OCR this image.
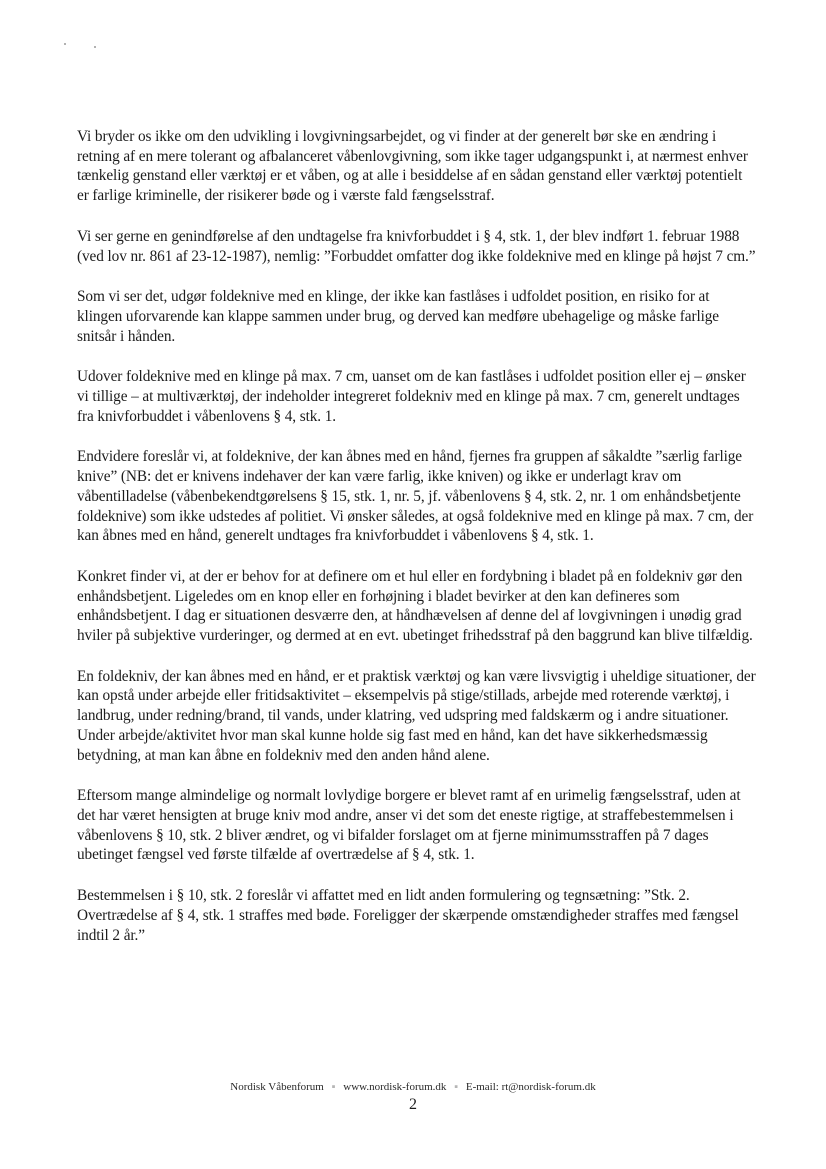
Vi bryder os ikke om den udvikling i lovgivningsarbejdet, og vi finder at der generelt bør ske en ændring i retning af en mere tolerant og afbalanceret våbenlovgivning, som ikke tager udgangspunkt i, at nærmest enhver tænkelig genstand eller værktøj er et våben, og at alle i besiddelse af en sådan genstand eller værktøj potentielt er farlige kriminelle, der risikerer bøde og i værste fald fængselsstraf.

Vi ser gerne en genindførelse af den undtagelse fra knivforbuddet i § 4, stk. 1, der blev indført 1. februar 1988 (ved lov nr. 861 af 23-12-1987), nemlig: ”Forbuddet omfatter dog ikke foldeknive med en klinge på højst 7 cm.”

Som vi ser det, udgør foldeknive med en klinge, der ikke kan fastlåses i udfoldet position, en risiko for at klingen uforvarende kan klappe sammen under brug, og derved kan medføre ubehagelige og måske farlige snitsår i hånden.

Udover foldeknive med en klinge på max. 7 cm, uanset om de kan fastlåses i udfoldet position eller ej – ønsker vi tillige – at multiværktøj, der indeholder integreret foldekniv med en klinge på max. 7 cm, generelt undtages fra knivforbuddet i våbenlovens § 4, stk. 1.

Endvidere foreslår vi, at foldeknive, der kan åbnes med en hånd, fjernes fra gruppen af såkaldte ”særlig farlige knive” (NB: det er knivens indehaver der kan være farlig, ikke kniven) og ikke er underlagt krav om våbentilladelse (våbenbekendtgørelsens § 15, stk. 1, nr. 5, jf. våbenlovens § 4, stk. 2, nr. 1 om enhåndsbetjente foldeknive) som ikke udstedes af politiet. Vi ønsker således, at også foldeknive med en klinge på max. 7 cm, der kan åbnes med en hånd, generelt undtages fra knivforbuddet i våbenlovens § 4, stk. 1.

Konkret finder vi, at der er behov for at definere om et hul eller en fordybning i bladet på en foldekniv gør den enhåndsbetjent. Ligeledes om en knop eller en forhøjning i bladet bevirker at den kan defineres som enhåndsbetjent. I dag er situationen desværre den, at håndhævelsen af denne del af lovgivningen i unødig grad hviler på subjektive vurderinger, og dermed at en evt. ubetinget frihedsstraf på den baggrund kan blive tilfældig.

En foldekniv, der kan åbnes med en hånd, er et praktisk værktøj og kan være livsvigtig i uheldige situationer, der kan opstå under arbejde eller fritidsaktivitet – eksempelvis på stige/stillads, arbejde med roterende værktøj, i landbrug, under redning/brand, til vands, under klatring, ved udspring med faldskærm og i andre situationer. Under arbejde/aktivitet hvor man skal kunne holde sig fast med en hånd, kan det have sikkerhedsmæssig betydning, at man kan åbne en foldekniv med den anden hånd alene.

Eftersom mange almindelige og normalt lovlydige borgere er blevet ramt af en urimelig fængselsstraf, uden at det har været hensigten at bruge kniv mod andre, anser vi det som det eneste rigtige, at straffebestemmelsen i våbenlovens § 10, stk. 2 bliver ændret, og vi bifalder forslaget om at fjerne minimumsstraffen på 7 dages ubetinget fængsel ved første tilfælde af overtrædelse af § 4, stk. 1.

Bestemmelsen i § 10, stk. 2 foreslår vi affattet med en lidt anden formulering og tegnsætning: ”Stk. 2. Overtrædelse af § 4, stk. 1 straffes med bøde. Foreligger der skærpende omstændigheder straffes med fængsel indtil 2 år.”

Nordisk Våbenforum ▪ www.nordisk-forum.dk ▪ E-mail: rt@nordisk-forum.dk
2
